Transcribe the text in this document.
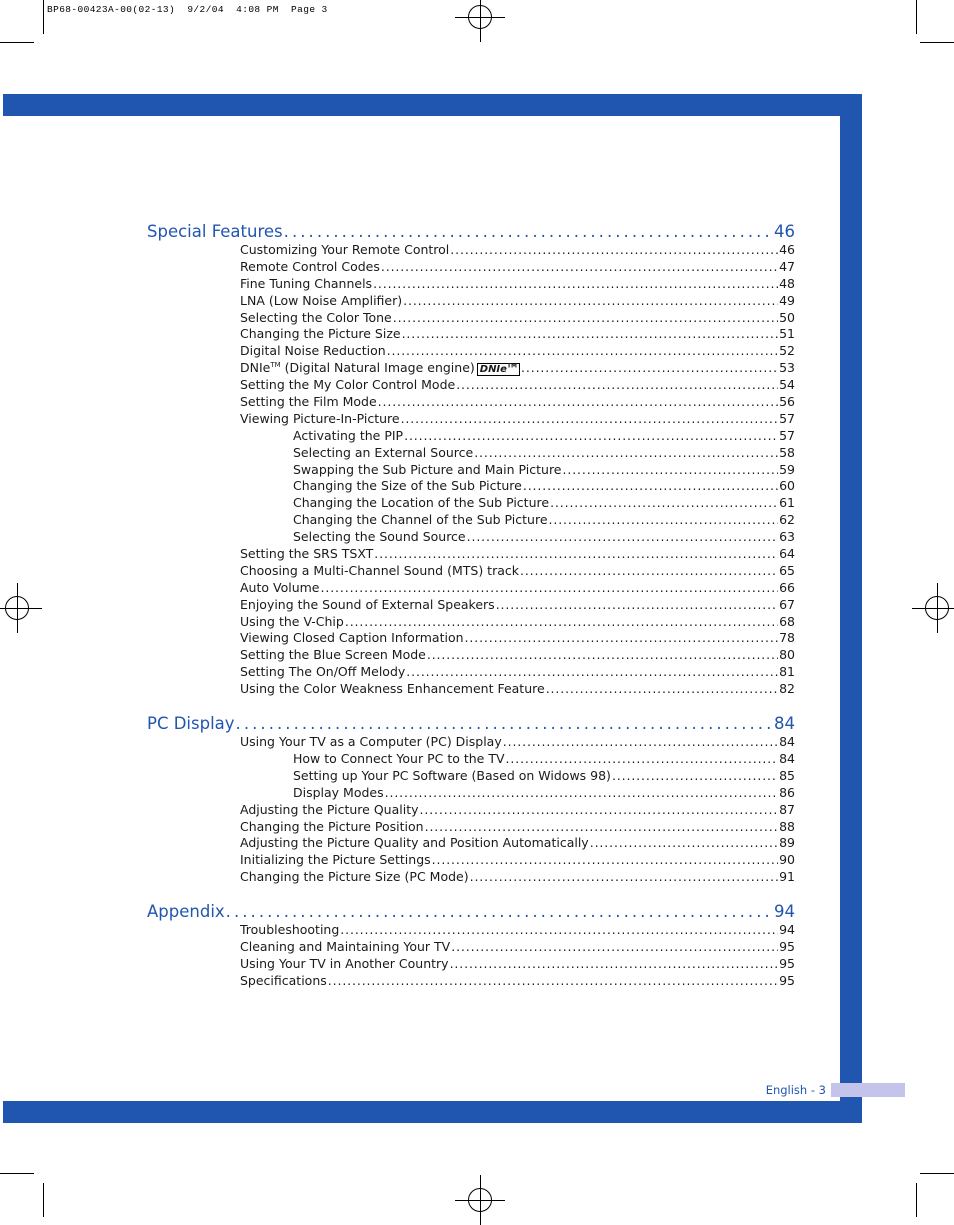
BP68-00423A-00(02-13)  9/2/04  4:08 PM  Page 3
English - 3
Special Features . . .	46
Customizing Your Remote Control . . .	46
Remote Control Codes . . .	47
Fine Tuning Channels . . .	48
LNA (Low Noise Amplifier) . . .	49
Selecting the Color Tone . . .	50
Changing the Picture Size . . .	51
Digital Noise Reduction . . .	52
DNIe™ (Digital Natural Image engine) DNIe™ . . .	53
Setting the My Color Control Mode . . .	54
Setting the Film Mode . . .	56
Viewing Picture-In-Picture . . .	57
Activating the PIP . . .	57
Selecting an External Source . . .	58
Swapping the Sub Picture and Main Picture . . .	59
Changing the Size of the Sub Picture . . .	60
Changing the Location of the Sub Picture . . .	61
Changing the Channel of the Sub Picture . . .	62
Selecting the Sound Source . . .	63
Setting the SRS TSXT . . .	64
Choosing a Multi-Channel Sound (MTS) track . . .	65
Auto Volume . . .	66
Enjoying the Sound of External Speakers . . .	67
Using the V-Chip . . .	68
Viewing Closed Caption Information . . .	78
Setting the Blue Screen Mode . . .	80
Setting The On/Off Melody . . .	81
Using the Color Weakness Enhancement Feature . . .	82
PC Display . . .	84
Using Your TV as a Computer (PC) Display . . .	84
How to Connect Your PC to the TV . . .	84
Setting up Your PC Software (Based on Widows 98) . . .	85
Display Modes . . .	86
Adjusting the Picture Quality . . .	87
Changing the Picture Position . . .	88
Adjusting the Picture Quality and Position Automatically . . .	89
Initializing the Picture Settings . . .	90
Changing the Picture Size (PC Mode) . . .	91
Appendix . . .	94
Troubleshooting . . .	94
Cleaning and Maintaining Your TV . . .	95
Using Your TV in Another Country . . .	95
Specifications . . .	95
